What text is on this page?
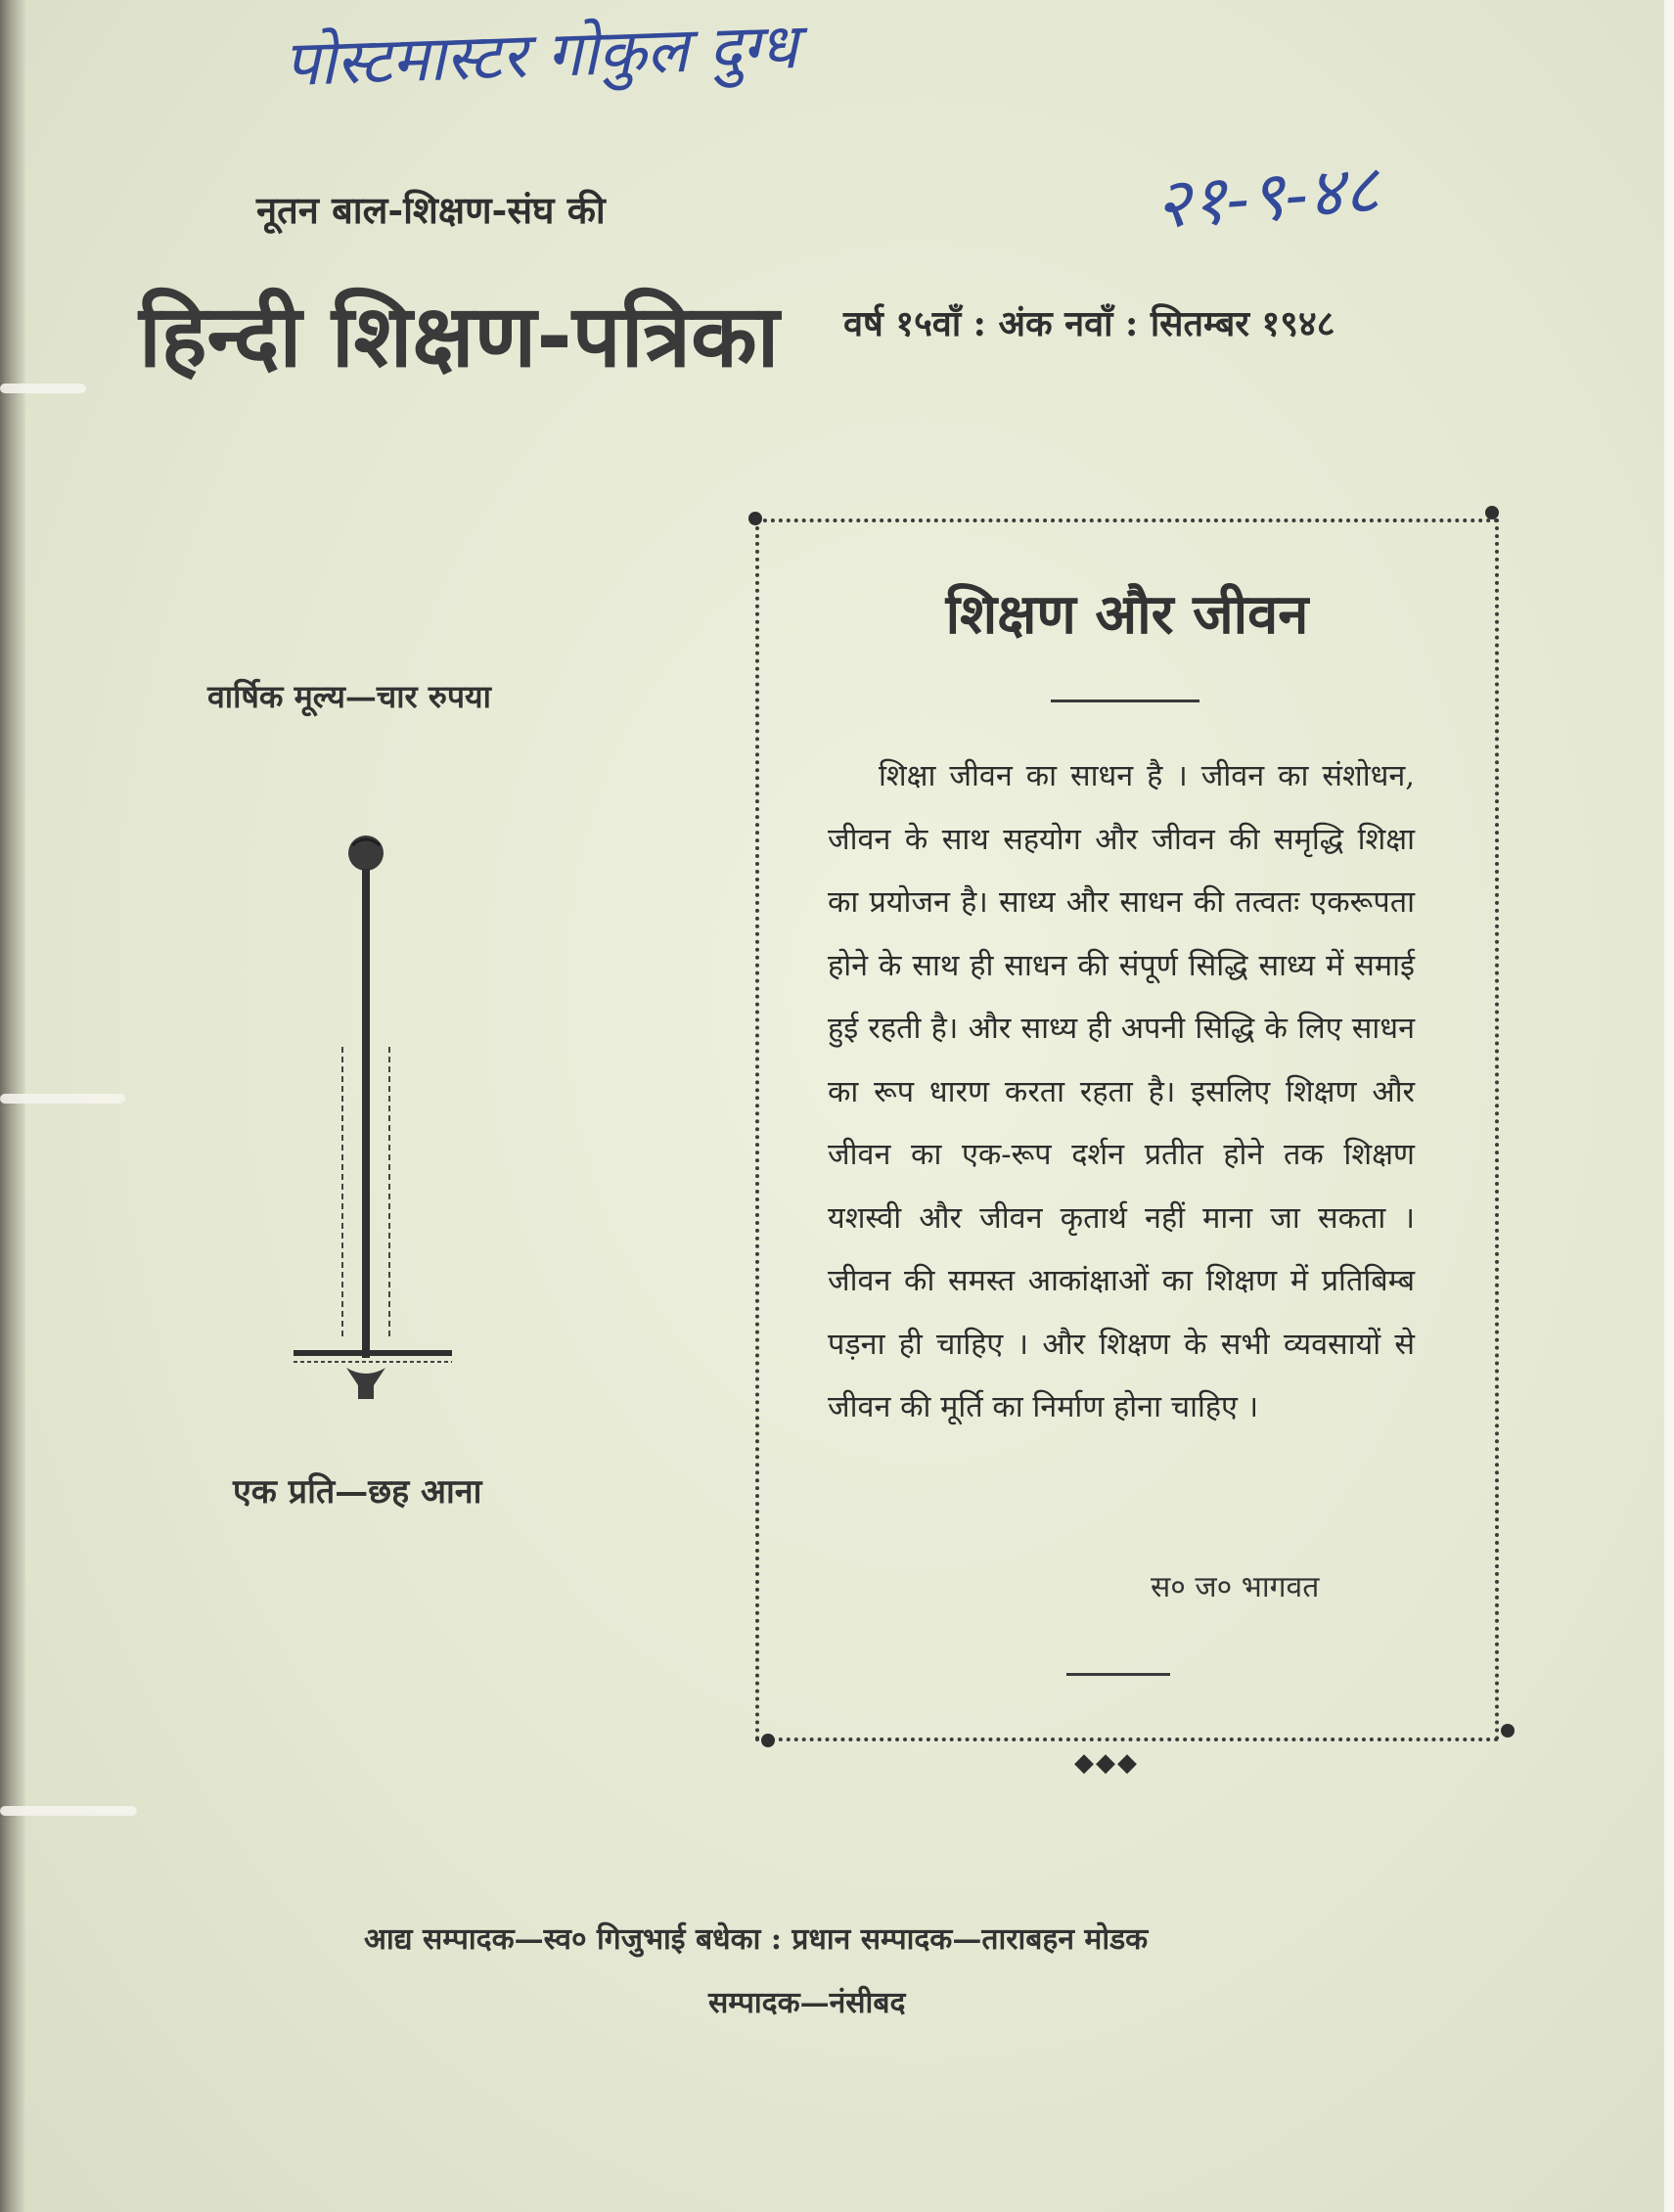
पोस्टमास्टर गोकुल दुग्ध
२१-९-४८
नूतन बाल-शिक्षण-संघ की
हिन्दी शिक्षण-पत्रिका वर्ष १५वाँ : अंक नवाँ : सितम्बर १९४८
वार्षिक मूल्य—चार रुपया
एक प्रति—छह आना
शिक्षण और जीवन
शिक्षा जीवन का साधन है । जीवन का संशोधन, जीवन के साथ सहयोग और जीवन की समृद्धि शिक्षा का प्रयोजन है। साध्य और साधन की तत्वतः एकरूपता होने के साथ ही साधन की संपूर्ण सिद्धि साध्य में समाई हुई रहती है। और साध्य ही अपनी सिद्धि के लिए साधन का रूप धारण करता रहता है। इसलिए शिक्षण और जीवन का एक-रूप दर्शन प्रतीत होने तक शिक्षण यशस्वी और जीवन कृतार्थ नहीं माना जा सकता । जीवन की समस्त आकांक्षाओं का शिक्षण में प्रतिबिम्ब पड़ना ही चाहिए । और शिक्षण के सभी व्यवसायों से जीवन की मूर्ति का निर्माण होना चाहिए ।
स० ज० भागवत
◆◆◆
आद्य सम्पादक—स्व० गिजुभाई बधेका : प्रधान सम्पादक—ताराबहन मोडक
सम्पादक—नंसीबद
